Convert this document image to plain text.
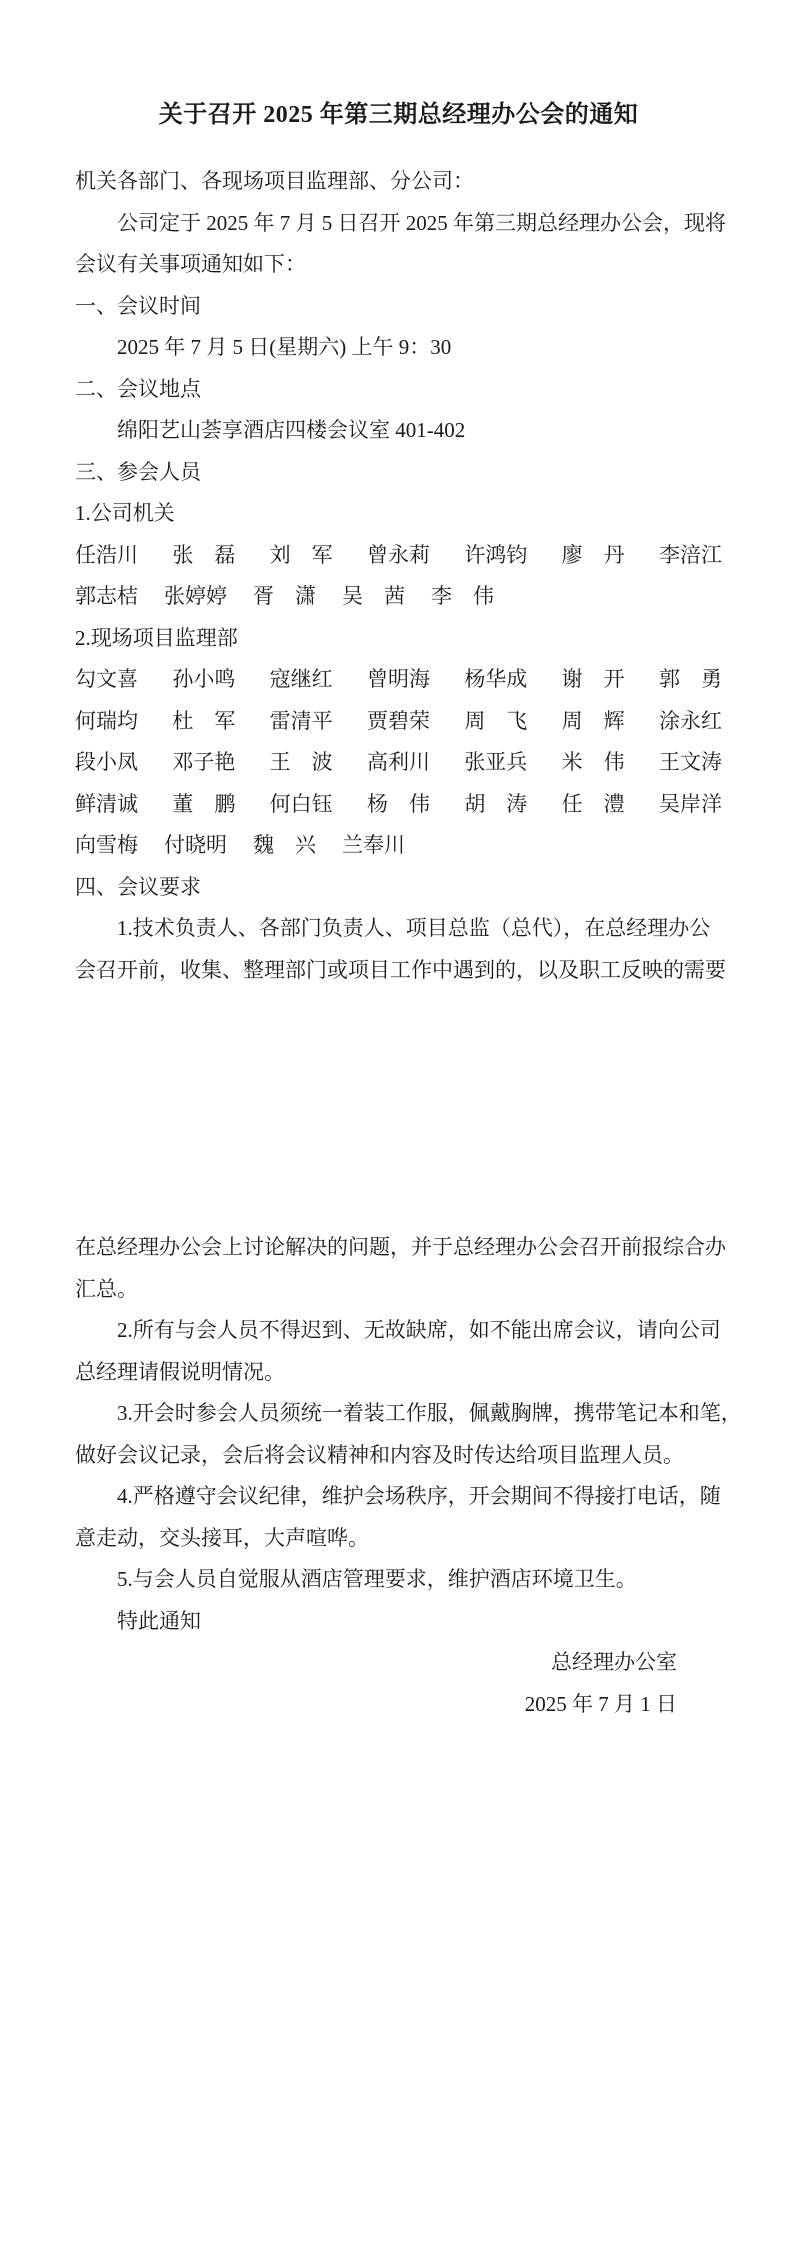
关于召开 2025 年第三期总经理办公会的通知
机关各部门、各现场项目监理部、分公司：
公司定于 2025 年 7 月 5 日召开 2025 年第三期总经理办公会，现将
会议有关事项通知如下：
一、会议时间
2025 年 7 月 5 日(星期六) 上午 9：30
二、会议地点
绵阳艺山荟享酒店四楼会议室 401-402
三、参会人员
1.公司机关
任浩川 张　磊 刘　军 曾永莉 许鸿钧 廖　丹 李涪江
郭志桔 张婷婷 胥　潇 吴　茜 李　伟
2.现场项目监理部
勾文喜 孙小鸣 寇继红 曾明海 杨华成 谢　开 郭　勇
何瑞均 杜　军 雷清平 贾碧荣 周　飞 周　辉 涂永红
段小凤 邓子艳 王　波 高利川 张亚兵 米　伟 王文涛
鲜清诚 董　鹏 何白钰 杨　伟 胡　涛 任　澧 吴岸洋
向雪梅 付晓明 魏　兴 兰奉川
四、会议要求
1.技术负责人、各部门负责人、项目总监（总代），在总经理办公
会召开前，收集、整理部门或项目工作中遇到的，以及职工反映的需要
在总经理办公会上讨论解决的问题，并于总经理办公会召开前报综合办
汇总。
2.所有与会人员不得迟到、无故缺席，如不能出席会议，请向公司
总经理请假说明情况。
3.开会时参会人员须统一着装工作服，佩戴胸牌，携带笔记本和笔，
做好会议记录，会后将会议精神和内容及时传达给项目监理人员。
4.严格遵守会议纪律，维护会场秩序，开会期间不得接打电话，随
意走动，交头接耳，大声喧哗。
5.与会人员自觉服从酒店管理要求，维护酒店环境卫生。
特此通知
总经理办公室
2025 年 7 月 1 日
